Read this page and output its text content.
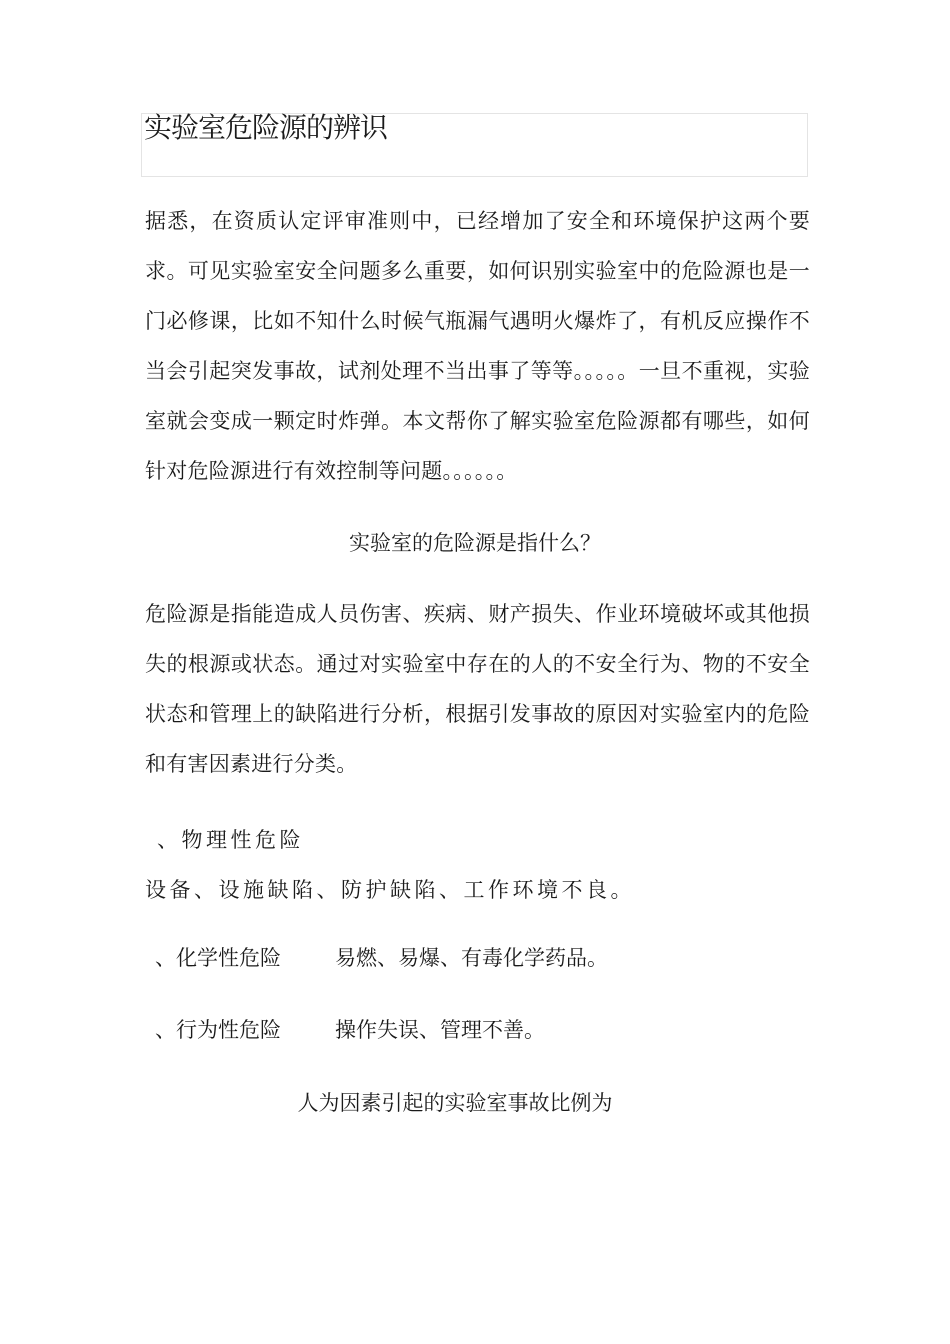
实验室危险源的辨识

据悉，在资质认定评审准则中，已经增加了安全和环境保护这两个要求。可见实验室安全问题多么重要，如何识别实验室中的危险源也是一门必修课，比如不知什么时候气瓶漏气遇明火爆炸了，有机反应操作不当会引起突发事故，试剂处理不当出事了等等。。。。。一旦不重视，实验室就会变成一颗定时炸弹。本文帮你了解实验室危险源都有哪些，如何针对危险源进行有效控制等问题。。。。。。

实验室的危险源是指什么？

危险源是指能造成人员伤害、疾病、财产损失、作业环境破坏或其他损失的根源或状态。通过对实验室中存在的人的不安全行为、物的不安全状态和管理上的缺陷进行分析，根据引发事故的原因对实验室内的危险和有害因素进行分类。

、物理性危险设备、设施缺陷、防护缺陷、工作环境不良。

、化学性危险	易燃、易爆、有毒化学药品。

、行为性危险	操作失误、管理不善。

人为因素引起的实验室事故比例为
